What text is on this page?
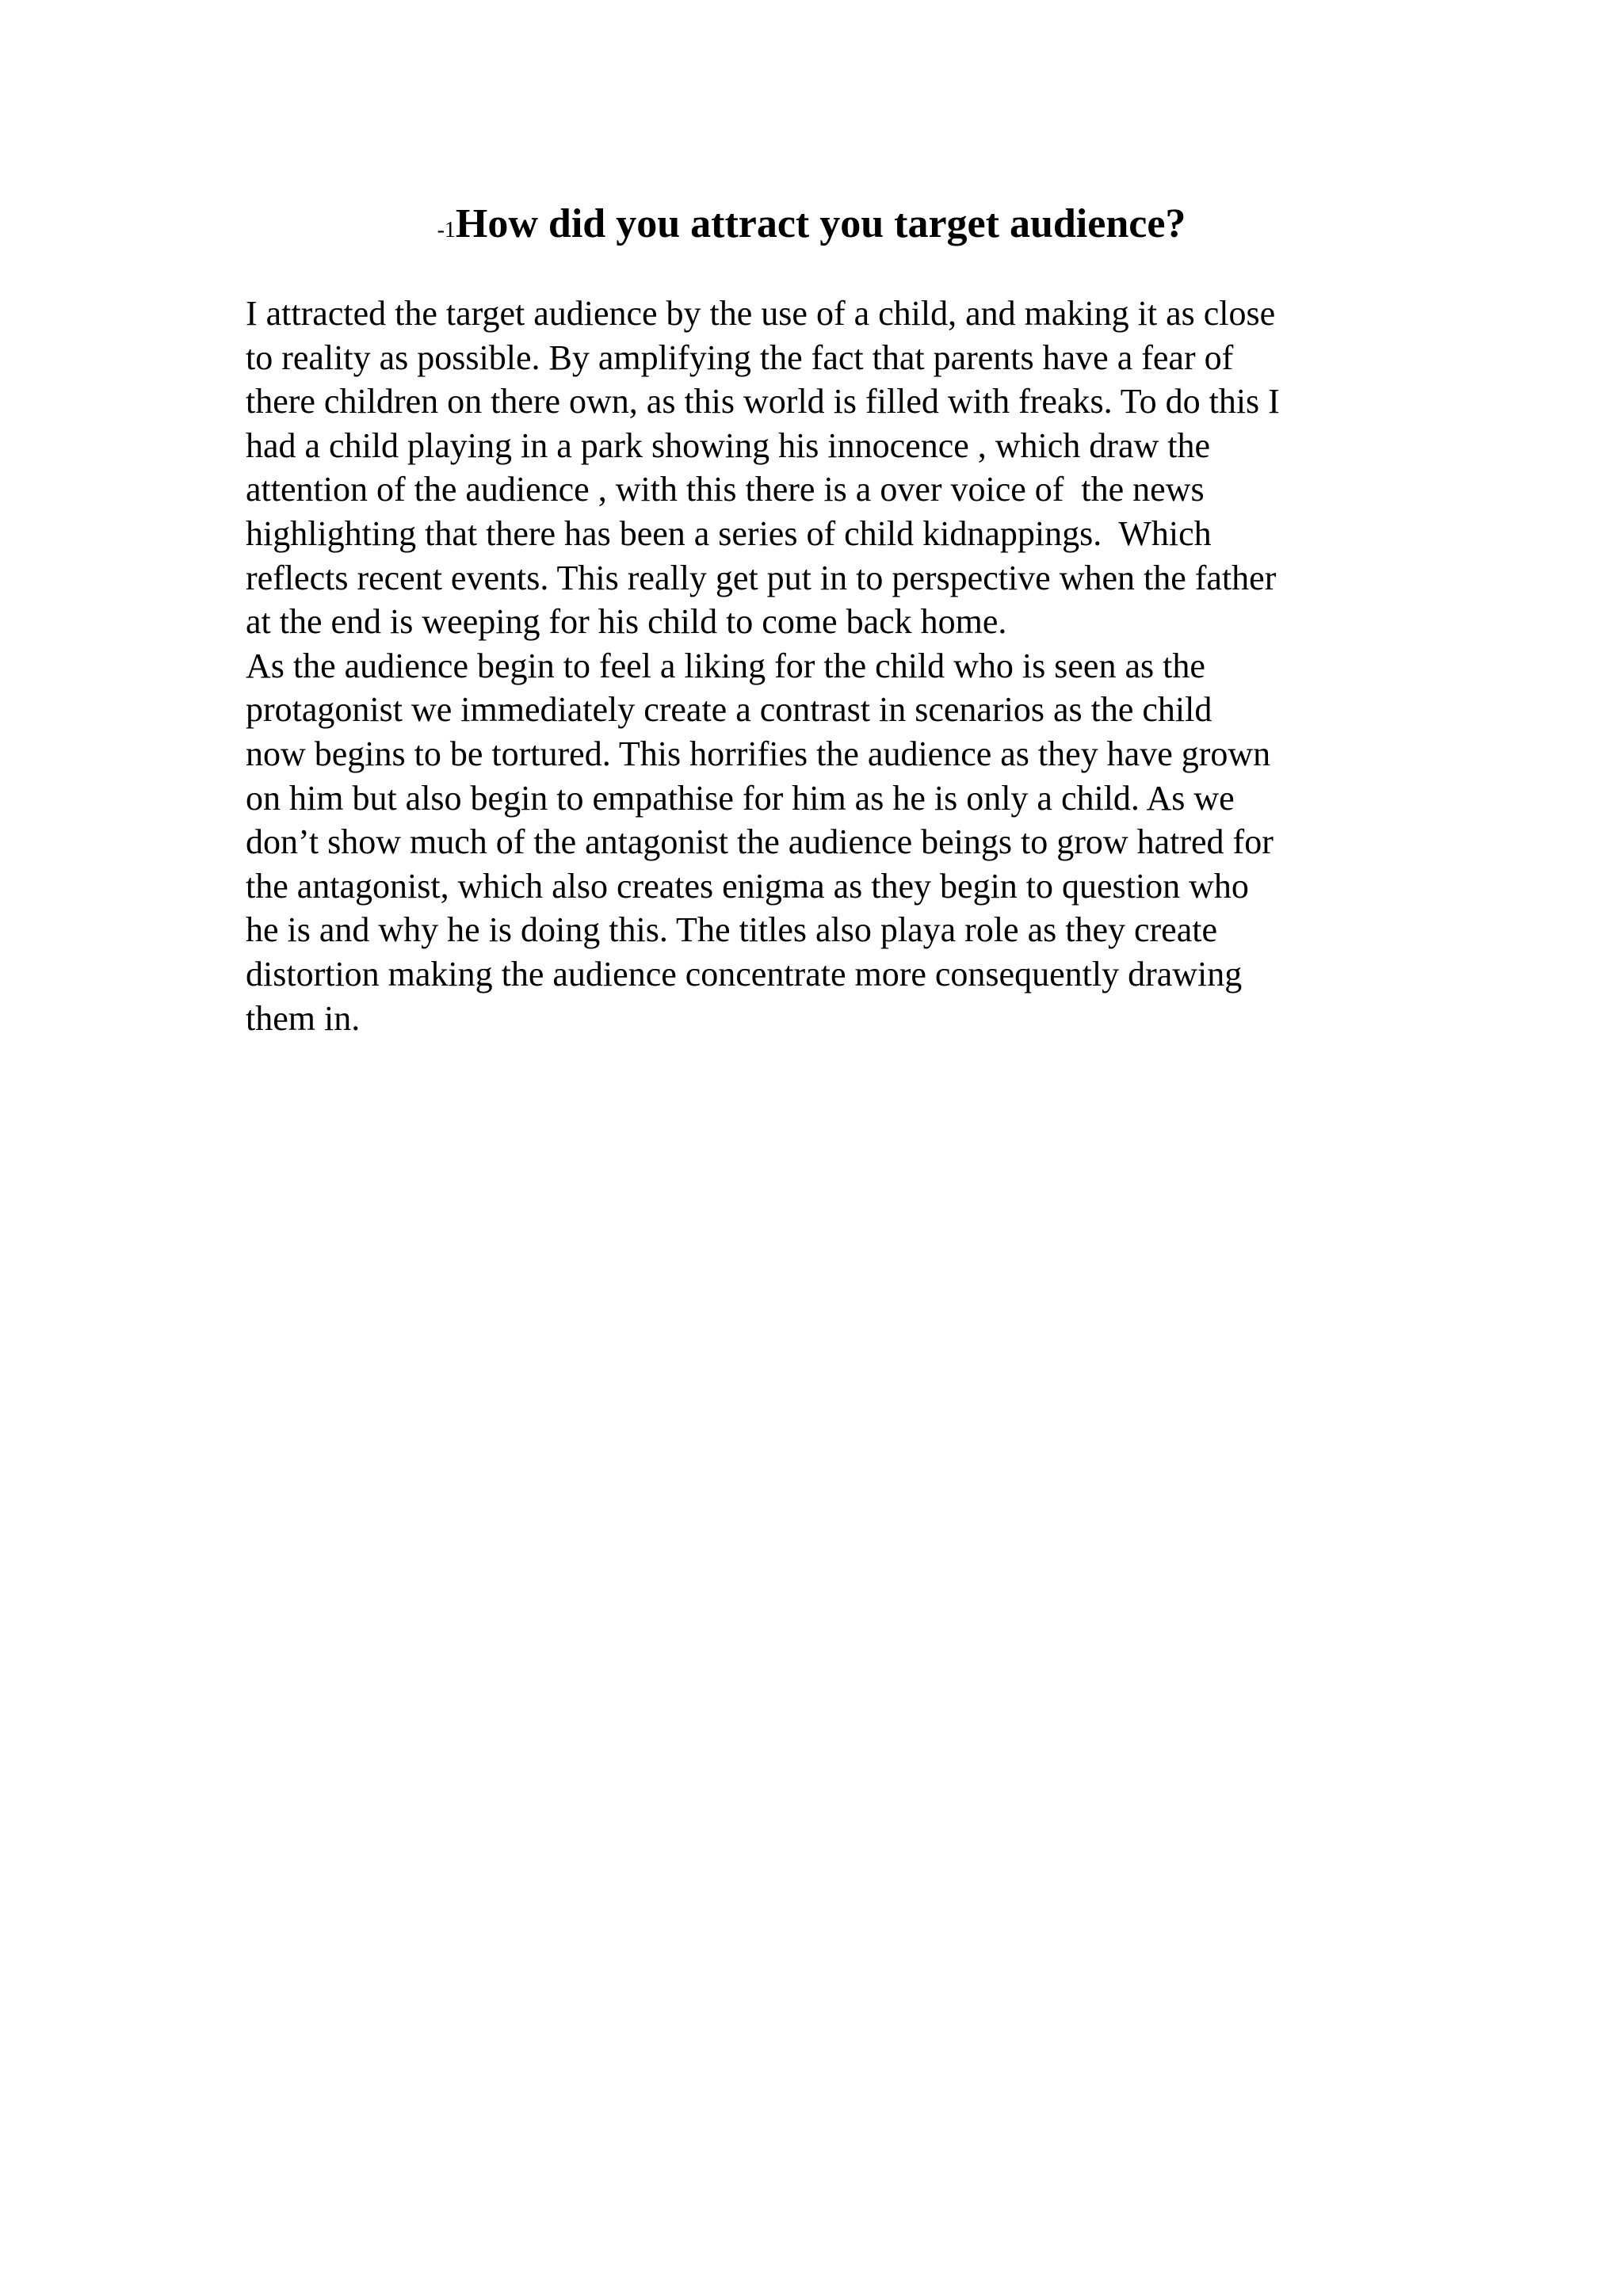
-1How did you attract you target audience?
I attracted the target audience by the use of a child, and making it as close
to reality as possible. By amplifying the fact that parents have a fear of
there children on there own, as this world is filled with freaks. To do this I
had a child playing in a park showing his innocence , which draw the
attention of the audience , with this there is a over voice of  the news
highlighting that there has been a series of child kidnappings.  Which
reflects recent events. This really get put in to perspective when the father
at the end is weeping for his child to come back home.
As the audience begin to feel a liking for the child who is seen as the
protagonist we immediately create a contrast in scenarios as the child
now begins to be tortured. This horrifies the audience as they have grown
on him but also begin to empathise for him as he is only a child. As we
don’t show much of the antagonist the audience beings to grow hatred for
the antagonist, which also creates enigma as they begin to question who
he is and why he is doing this. The titles also playa role as they create
distortion making the audience concentrate more consequently drawing
them in.
